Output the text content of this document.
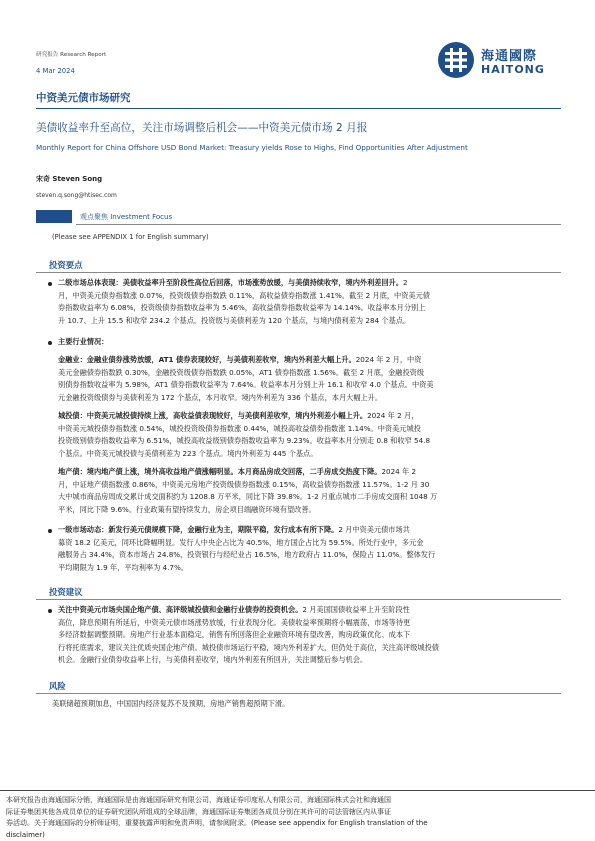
研究报告 Research Report
4 Mar 2024
中资美元债市场研究
海通國際
HAITONG
美债收益率升至高位，关注市场调整后机会——中资美元债市场 2 月报
Monthly Report for China Offshore USD Bond Market: Treasury yields Rose to Highs, Find Opportunities After Adjustment
宋奇 Steven Song
steven.q.song@htisec.com
观点聚焦 Investment Focus
(Please see APPENDIX 1 for English summary)
投资要点
二级市场总体表现：美债收益率升至阶段性高位后回落，市场涨势放缓，与美债持续收窄，境内外利差回升。2
月，中资美元债券指数涨 0.07%，投资级债券指数跌 0.11%，高收益债券指数涨 1.41%。截至 2 月底，中资美元债
券指数收益率为 6.08%，投资级债券指数收益率为 5.46%，高收益债券指数收益率为 14.14%。收益率本月分别上
升 10.7、上升 15.5 和收窄 234.2 个基点。投资级与美债利差为 120 个基点，与境内债利差为 284 个基点。
主要行业情况：
金融业：金融业债券涨势放缓，AT1 债券表现较好，与美债利差收窄，境内外利差大幅上升。2024 年 2 月，中资
美元金融债券指数跌 0.30%，金融投资级债券指数跌 0.05%，AT1 债券指数涨 1.56%。截至 2 月底，金融投资级
别债券指数收益率为 5.98%，AT1 债券指数收益率为 7.64%。收益率本月分别上升 16.1 和收窄 4.0 个基点。中资美
元金融投资级债券与美债利差为 172 个基点，本月收窄。境内外利差为 336 个基点，本月大幅上升。
城投债：中资美元城投债持续上涨，高收益债表现较好，与美债利差收窄，境内外利差小幅上升。2024 年 2 月，
中资美元城投债券指数涨 0.54%，城投投资级债券指数涨 0.44%，城投高收益债券指数涨 1.14%。中资美元城投
投资级别债券指数收益率为 6.51%，城投高收益级别债券指数收益率为 9.23%。收益率本月分别走 0.8 和收窄 54.8
个基点。中资美元城投债与美债利差为 223 个基点。境内外利差为 445 个基点。
地产债：境内地产债上涨，境外高收益地产债涨幅明显。本月商品房成交回落，二手房成交热度下降。2024 年 2
月，中证地产债指数涨 0.86%，中资美元房地产投资级债券指数涨 0.15%，高收益债券指数涨 11.57%。1-2 月 30
大中城市商品房周成交累计成交面积约为 1208.8 万平米，同比下降 39.8%。1-2 月重点城市二手房成交面积 1048 万
平米，同比下降 9.6%。行业政策有望持续发力，房企项目端融资环境有望改善。
一级市场动态：新发行美元债规模下降，金融行业为主，期限平稳，发行成本有所下降。2 月中资美元债市场共
募资 18.2 亿美元，同环比降幅明显。发行人中央企占比为 40.5%，地方国企占比为 59.5%。所处行业中，多元金
融服务占 34.4%，资本市场占 24.8%，投资银行与经纪业占 16.5%，地方政府占 11.0%，保险占 11.0%。整体发行
平均期限为 1.9 年，平均利率为 4.7%。
投资建议
关注中资美元市场央国企地产债、高评级城投债和金融行业债券的投资机会。2 月美国国债收益率上升至阶段性
高位，降息预期有所延后，中资美元债市场涨势放缓，行业表现分化。美债收益率预期将小幅震荡，市场等待更
多经济数据调整预期。房地产行业基本面稳定，销售有所回落但企业融资环境有望改善，购房政策优化、成本下
行将托底需求，建议关注优质央国企地产债。城投债市场运行平稳，境内外利差扩大，但仍处于高位，关注高评级城投债
机会。金融行业债券收益率上行，与美债利差收窄，境内外利差有所回升，关注调整后参与机会。
风险
美联储超预期加息，中国国内经济复苏不及预期，房地产销售超预期下滑。
本研究报告由海通国际分销，海通国际是由海通国际研究有限公司，海通证券印度私人有限公司，海通国际株式会社和海通国
际证券集团其他各成员单位的证券研究团队所组成的全球品牌，海通国际证券集团各成员分别在其许可的司法管辖区内从事证
券活动。关于海通国际的分析师证明，重要披露声明和免责声明，请参阅附录。(Please see appendix for English translation of the
disclaimer)
